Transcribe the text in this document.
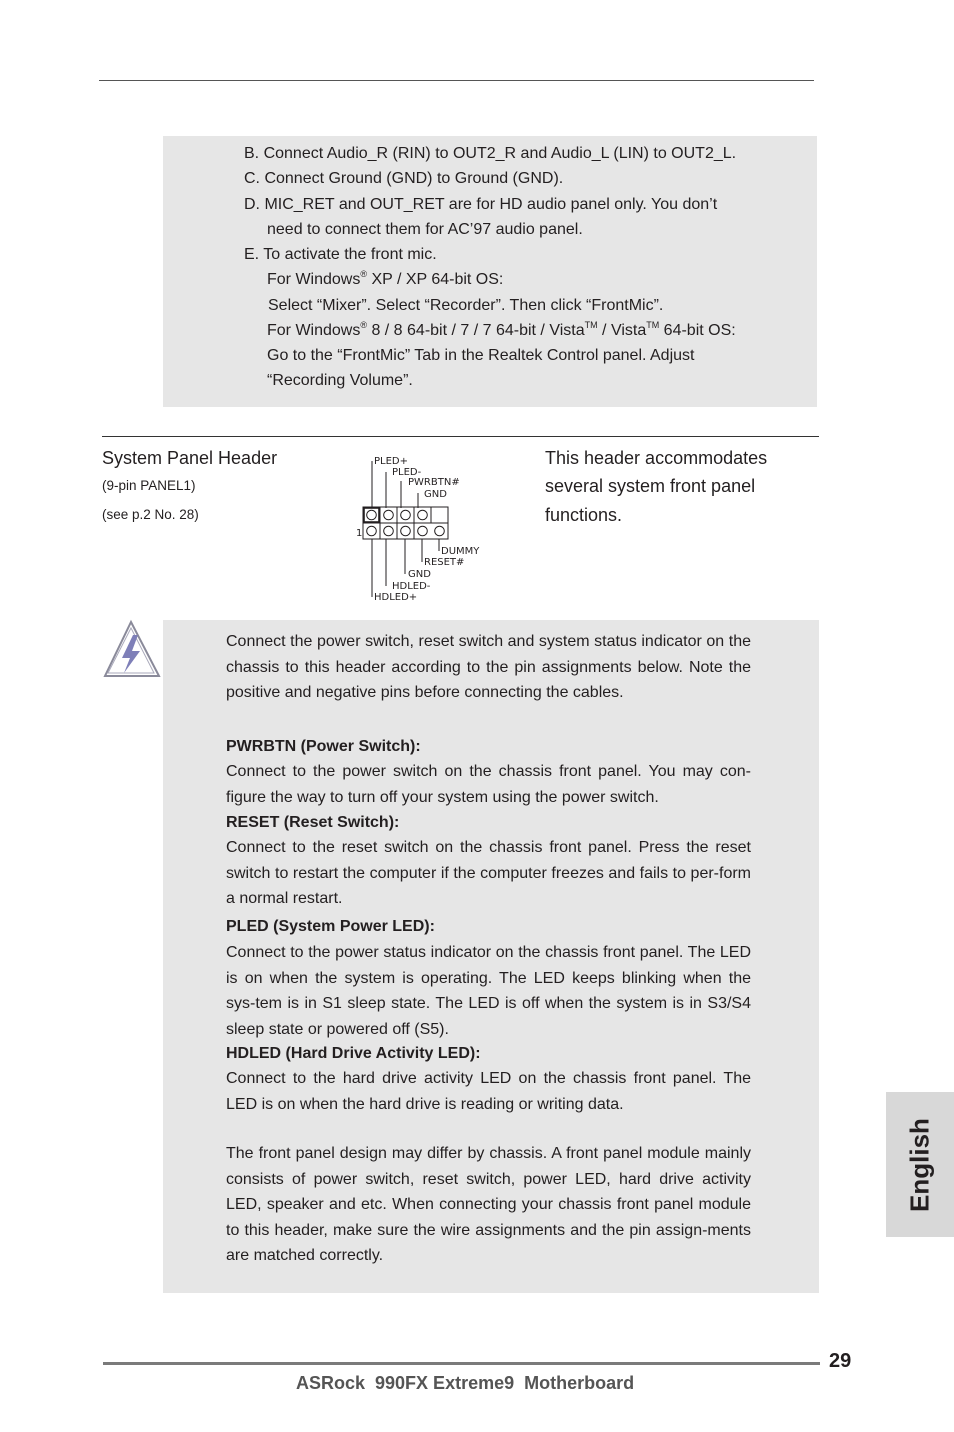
B. Connect Audio_R (RIN) to OUT2_R and Audio_L (LIN) to OUT2_L.
C. Connect Ground (GND) to Ground (GND).
D. MIC_RET and OUT_RET are for HD audio panel only. You don’t
need to connect them for AC’97 audio panel.
E. To activate the front mic.
For Windows® XP / XP 64-bit OS:
Select “Mixer”. Select “Recorder”. Then click “FrontMic”.
For Windows® 8 / 8 64-bit / 7 / 7 64-bit / Vista™ / Vista™ 64-bit OS:
Go to the “FrontMic” Tab in the Realtek Control panel. Adjust
“Recording Volume”.
System Panel Header
(9-pin PANEL1)
(see p.2 No. 28)
This header accommodates
several system front panel
functions.
PLED+
PLED-
PWRBTN#
GND
1
DUMMY
RESET#
GND
HDLED-
HDLED+
Connect the power switch, reset switch and system status indicator on the chassis to this header according to the pin assignments below. Note the positive and negative pins before connecting the cables.
PWRBTN (Power Switch):
Connect to the power switch on the chassis front panel. You may con-figure the way to turn off your system using the power switch.
RESET (Reset Switch):
Connect to the reset switch on the chassis front panel. Press the reset switch to restart the computer if the computer freezes and fails to per-form a normal restart.
PLED (System Power LED):
Connect to the power status indicator on the chassis front panel. The LED is on when the system is operating. The LED keeps blinking when the sys-tem is in S1 sleep state. The LED is off when the system is in S3/S4 sleep state or powered off (S5).
HDLED (Hard Drive Activity LED):
Connect to the hard drive activity LED on the chassis front panel. The LED is on when the hard drive is reading or writing data.
The front panel design may differ by chassis. A front panel module mainly consists of power switch, reset switch, power LED, hard drive activity LED, speaker and etc. When connecting your chassis front panel module to this header, make sure the wire assignments and the pin assign-ments are matched correctly.
English
29
ASRock  990FX Extreme9  Motherboard
